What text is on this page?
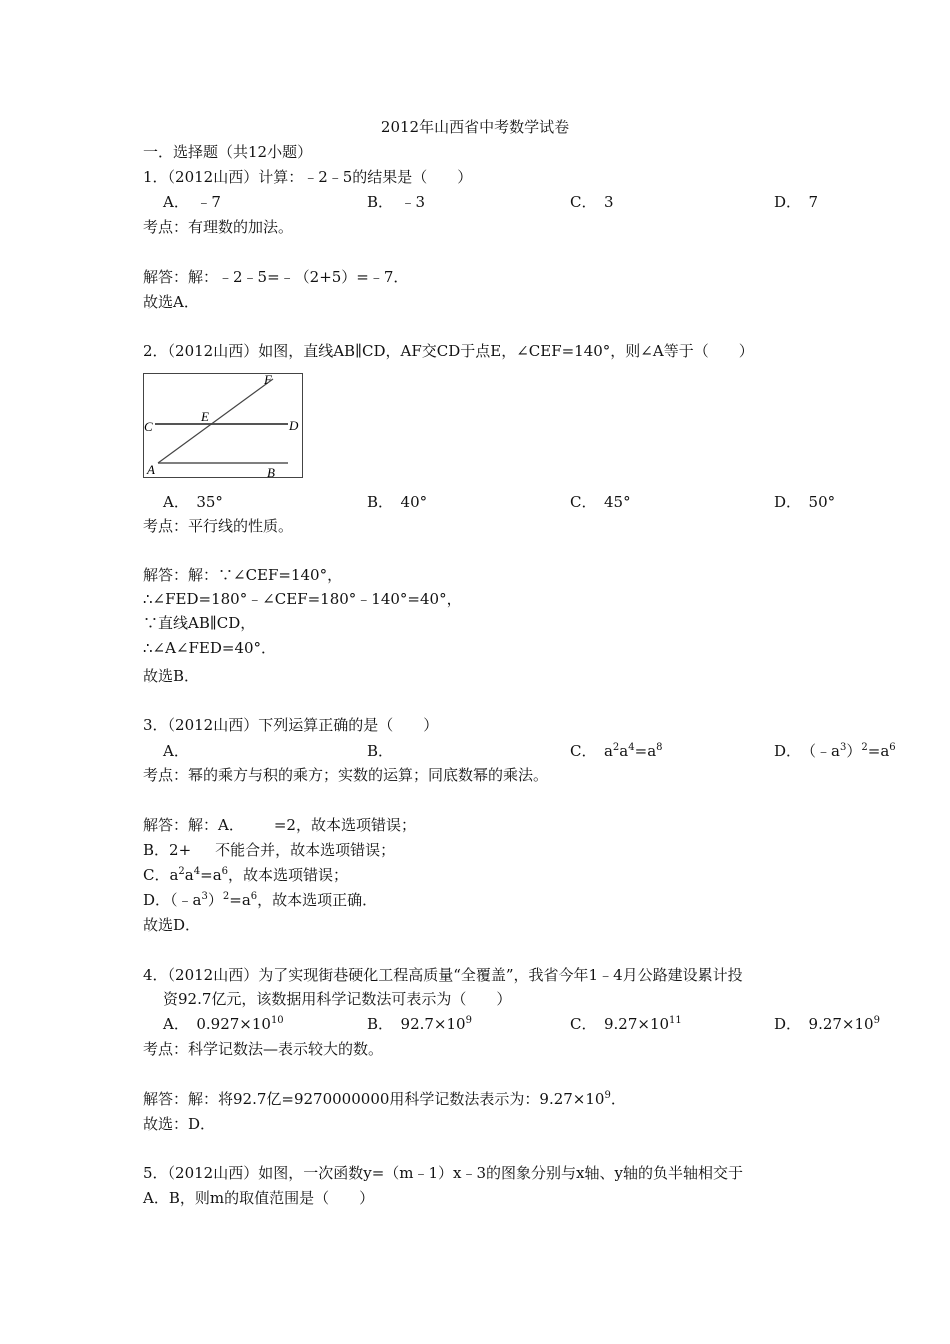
2012年山西省中考数学试卷
一．选择题（共12小题）
1．（2012山西）计算：﹣2﹣5的结果是（　　）
A．　﹣7	B．　﹣3	C．　3	D．　7
考点：有理数的加法。
解答：解：﹣2﹣5=﹣（2+5）=﹣7．
故选A．
2．（2012山西）如图，直线AB∥CD，AF交CD于点E，∠CEF=140°，则∠A等于（　　）
F
C
E
D
A	B
A．　35°	B．　40°	C．　45°	D．　50°
考点：平行线的性质。
解答：解：∵∠CEF=140°，
∴∠FED=180°﹣∠CEF=180°﹣140°=40°，
∵直线AB∥CD，
∴∠A∠FED=40°．
故选B．
3．（2012山西）下列运算正确的是（　　）
A．	B．	C．　$a^2a^4=a^8$	D．　$(﹣a^3)^2=a^6$
考点：幂的乘方与积的乘方；实数的运算；同底数幂的乘法。
解答：解：A． =2，故本选项错误；
B．2+ 不能合并，故本选项错误；
C．$a^2a^4=a^6$，故本选项错误；
D．$(﹣a^3)^2=a^6$，故本选项正确．
故选D．
4．（2012山西）为了实现街巷硬化工程高质量“全覆盖”，我省今年1﹣4月公路建设累计投
资92.7亿元，该数据用科学记数法可表示为（　　）
A．　$0.927\times 10^{10}$	B．　$92.7\times 10^9$	C．　$9.27\times 10^{11}$	D．　$9.27\times 10^9$
考点：科学记数法—表示较大的数。
解答：解：将92.7亿=9270000000用科学记数法表示为：$9.27\times 10^9$．
故选：D．
5．（2012山西）如图，一次函数y=（m﹣1）x﹣3的图象分别与x轴、y轴的负半轴相交于
A．B，则m的取值范围是（　　）
